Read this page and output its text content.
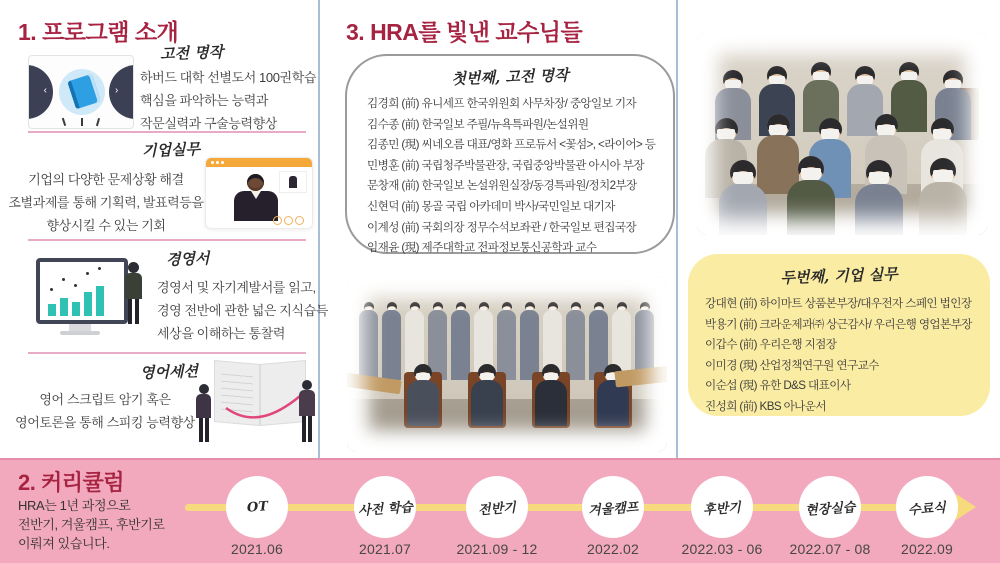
1. 프로그램 소개
고전 명작
‹	›
하버드 대학 선별도서 100권학습
핵심을 파악하는 능력과
작문실력과 구술능력향상
기업실무
기업의 다양한 문제상황 해결
조별과제를 통해 기획력, 발표력등을
향상시킬 수 있는 기회
경영서
경영서 및 자기계발서를 읽고,
경영 전반에 관한 넓은 지식습득
세상을 이해하는 통찰력
영어세션
영어 스크립트 암기 혹은
영어토론을 통해 스피킹 능력향상
3. HRA를 빛낸 교수님들
첫번째, 고전 명작
김경희 (前) 유니세프 한국위원회 사무차장/ 중앙일보 기자
김수종 (前) 한국일보 주필/뉴욕특파원/논설위원
김종민 (現) 씨네오름 대표/영화 프로듀서 <꽃섬>, <라이어> 등
민병훈 (前) 국립청주박물관장, 국립중앙박물관 아시아 부장
문창재 (前) 한국일보 논설위원실장/동경특파원/정치2부장
신현덕 (前) 몽골 국립 아카데미 박사/국민일보 대기자
이계성 (前) 국회의장 정무수석보좌관 / 한국일보 편집국장
임재윤 (現) 제주대학교 전파정보통신공학과 교수
두번째, 기업 실무
강대현 (前) 하이마트 상품본부장/대우전자 스페인 법인장
박용기 (前) 크라운제과㈜ 상근감사/ 우리은행 영업본부장
이갑수 (前) 우리은행 지점장
이미경 (現) 산업정책연구원 연구교수
이순섭 (現) 유한 D&S 대표이사
진성희 (前) KBS 아나운서
2. 커리큘럼
HRA는 1년 과정으로
전반기, 겨울캠프, 후반기로
이뤄져 있습니다.
OT
2021.06
사전 학습
2021.07
전반기
2021.09 - 12
겨울캠프
2022.02
후반기
2022.03 - 06
현장실습
2022.07 - 08
수료식
2022.09
